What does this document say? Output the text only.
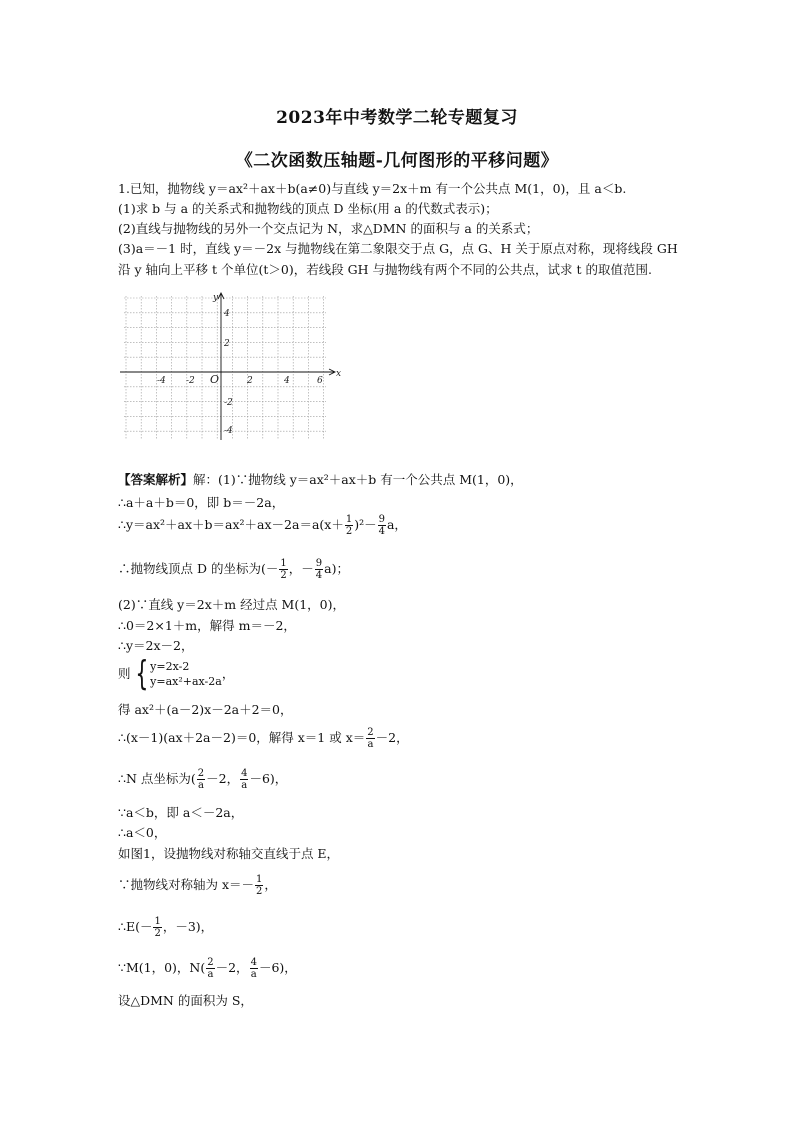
2023年中考数学二轮专题复习
《二次函数压轴题-几何图形的平移问题》
1.已知，抛物线 y＝ax²＋ax＋b(a≠0)与直线 y＝2x＋m 有一个公共点 M(1，0)，且 a＜b.
(1)求 b 与 a 的关系式和抛物线的顶点 D 坐标(用 a 的代数式表示)；
(2)直线与抛物线的另外一个交点记为 N，求△DMN 的面积与 a 的关系式；
(3)a＝－1 时，直线 y＝－2x 与抛物线在第二象限交于点 G，点 G、H 关于原点对称，现将线段 GH
沿 y 轴向上平移 t 个单位(t＞0)，若线段 GH 与抛物线有两个不同的公共点，试求 t 的取值范围.
x
y
O
-4 -2	2	4	6
4
2
-2
-4
【答案解析】解：(1)∵抛物线 y＝ax²＋ax＋b 有一个公共点 M(1，0)，
∴a＋a＋b＝0，即 b＝－2a，
∴y＝ax²＋ax＋b＝ax²＋ax－2a＝a(x＋ $\frac{1}{2} )^2- \frac{9}{4}$ a，
∴抛物线顶点 D 的坐标为(－ $\frac{1}{2}$ ，－ $\frac{9}{4} a$)；
(2)∵直线 y＝2x＋m 经过点 M(1，0)，
∴0＝2×1＋m，解得 m＝－2，
∴y＝2x－2，
则 { y=2x-2
y=ax²+ax-2a
，
得 ax²＋(a－2)x－2a＋2＝0，
∴(x－1)(ax＋2a－2)＝0，解得 x＝1 或 $x= \frac{2}{a} -2$，
∴N 点坐标为( $\frac{2}{a} -2$， $\frac{4}{a} -6$)，
∵a＜b，即 a＜－2a，
∴a＜0，
如图1，设抛物线对称轴交直线于点 E，
∵抛物线对称轴为 $x=- \frac{1}{2}$ ，
∴E(－ $\frac{1}{2}$ ，－3)，
∵M(1，0)，$N( \frac{2}{a} -2$， $\frac{4}{a} -6$)，
设△DMN 的面积为 S，
